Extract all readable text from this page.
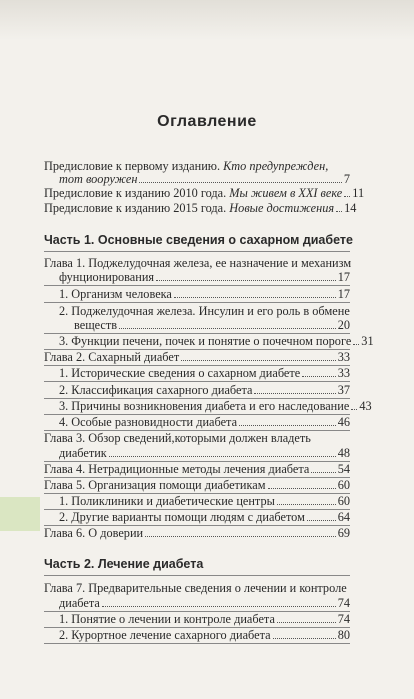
Оглавление
Предисловие к первому изданию. Кто предупрежден,
тот вооружен	7
Предисловие к изданию 2010 года. Мы живем в XXI веке 11
Предисловие к изданию 2015 года. Новые достижения 14
Часть 1. Основные сведения о сахарном диабете
Глава 1. Поджелудочная железа, ее назначение и механизм
фунционирования	17
1. Организм человека	17
2. Поджелудочная железа. Инсулин и его роль в обмене
веществ	20
3. Функции печени, почек и понятие о почечном пороге 31
Глава 2. Сахарный диабет	33
1. Исторические сведения о сахарном диабете	33
2. Классификация сахарного диабета	37
3. Причины возникновения диабета и его наследование 43
4. Особые разновидности диабета	46
Глава 3. Обзор сведений,которыми должен владеть
диабетик	48
Глава 4. Нетрадиционные методы лечения диабета 54
Глава 5. Организация помощи диабетикам	60
1. Поликлиники и диабетические центры	60
2. Другие варианты помощи людям с диабетом	64
Глава 6. О доверии	69
Часть 2. Лечение диабета
Глава 7. Предварительные сведения о лечении и контроле
диабета	74
1. Понятие о лечении и контроле диабета	74
2. Курортное лечение сахарного диабета	80
